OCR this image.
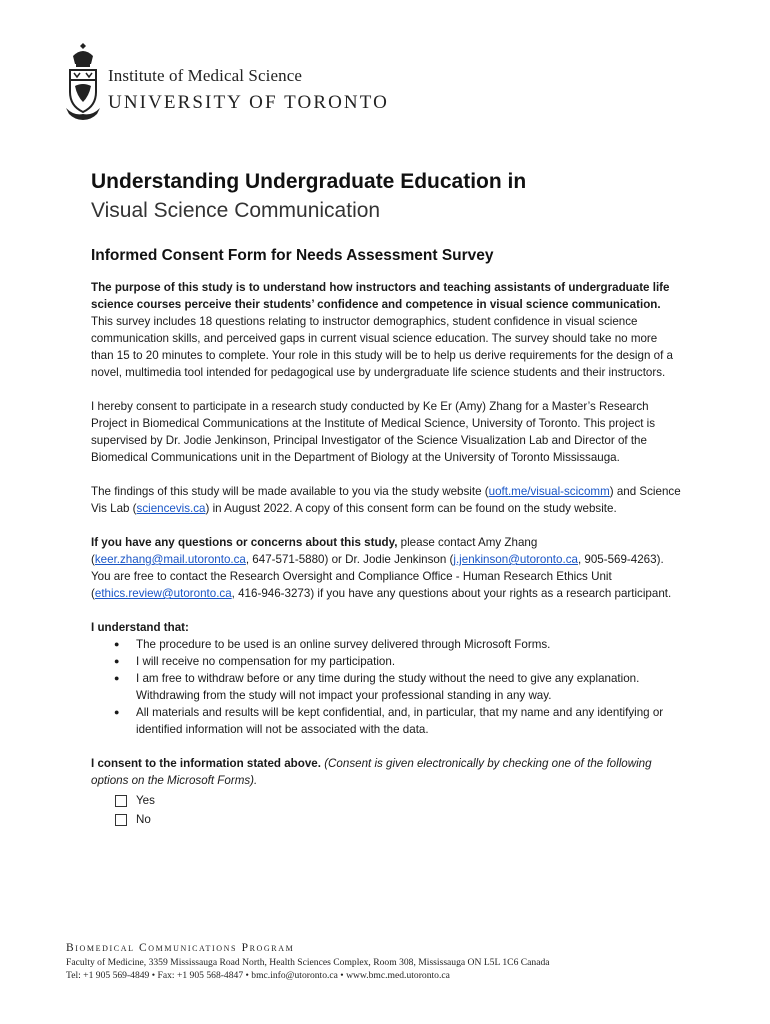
Institute of Medical Science
UNIVERSITY OF TORONTO
Understanding Undergraduate Education in
Visual Science Communication
Informed Consent Form for Needs Assessment Survey

The purpose of this study is to understand how instructors and teaching assistants of undergraduate life science courses perceive their students’ confidence and competence in visual science communication. This survey includes 18 questions relating to instructor demographics, student confidence in visual science communication skills, and perceived gaps in current visual science education. The survey should take no more than 15 to 20 minutes to complete. Your role in this study will be to help us derive requirements for the design of a novel, multimedia tool intended for pedagogical use by undergraduate life science students and their instructors.

I hereby consent to participate in a research study conducted by Ke Er (Amy) Zhang for a Master’s Research Project in Biomedical Communications at the Institute of Medical Science, University of Toronto. This project is supervised by Dr. Jodie Jenkinson, Principal Investigator of the Science Visualization Lab and Director of the Biomedical Communications unit in the Department of Biology at the University of Toronto Mississauga.

The findings of this study will be made available to you via the study website (uoft.me/visual-scicomm) and Science Vis Lab (sciencevis.ca) in August 2022. A copy of this consent form can be found on the study website.

If you have any questions or concerns about this study, please contact Amy Zhang (keer.zhang@mail.utoronto.ca, 647-571-5880) or Dr. Jodie Jenkinson (j.jenkinson@utoronto.ca, 905-569-4263). You are free to contact the Research Oversight and Compliance Office - Human Research Ethics Unit (ethics.review@utoronto.ca, 416-946-3273) if you have any questions about your rights as a research participant.

I understand that:

● The procedure to be used is an online survey delivered through Microsoft Forms.
● I will receive no compensation for my participation.
● I am free to withdraw before or any time during the study without the need to give any explanation. Withdrawing from the study will not impact your professional standing in any way.
● All materials and results will be kept confidential, and, in particular, that my name and any identifying or identified information will not be associated with the data.

I consent to the information stated above. (Consent is given electronically by checking one of the following options on the Microsoft Forms).

Yes
No
Biomedical Communications Program
Faculty of Medicine, 3359 Mississauga Road North, Health Sciences Complex, Room 308, Mississauga ON L5L 1C6 Canada
Tel: +1 905 569-4849 • Fax: +1 905 568-4847 • bmc.info@utoronto.ca • www.bmc.med.utoronto.ca
